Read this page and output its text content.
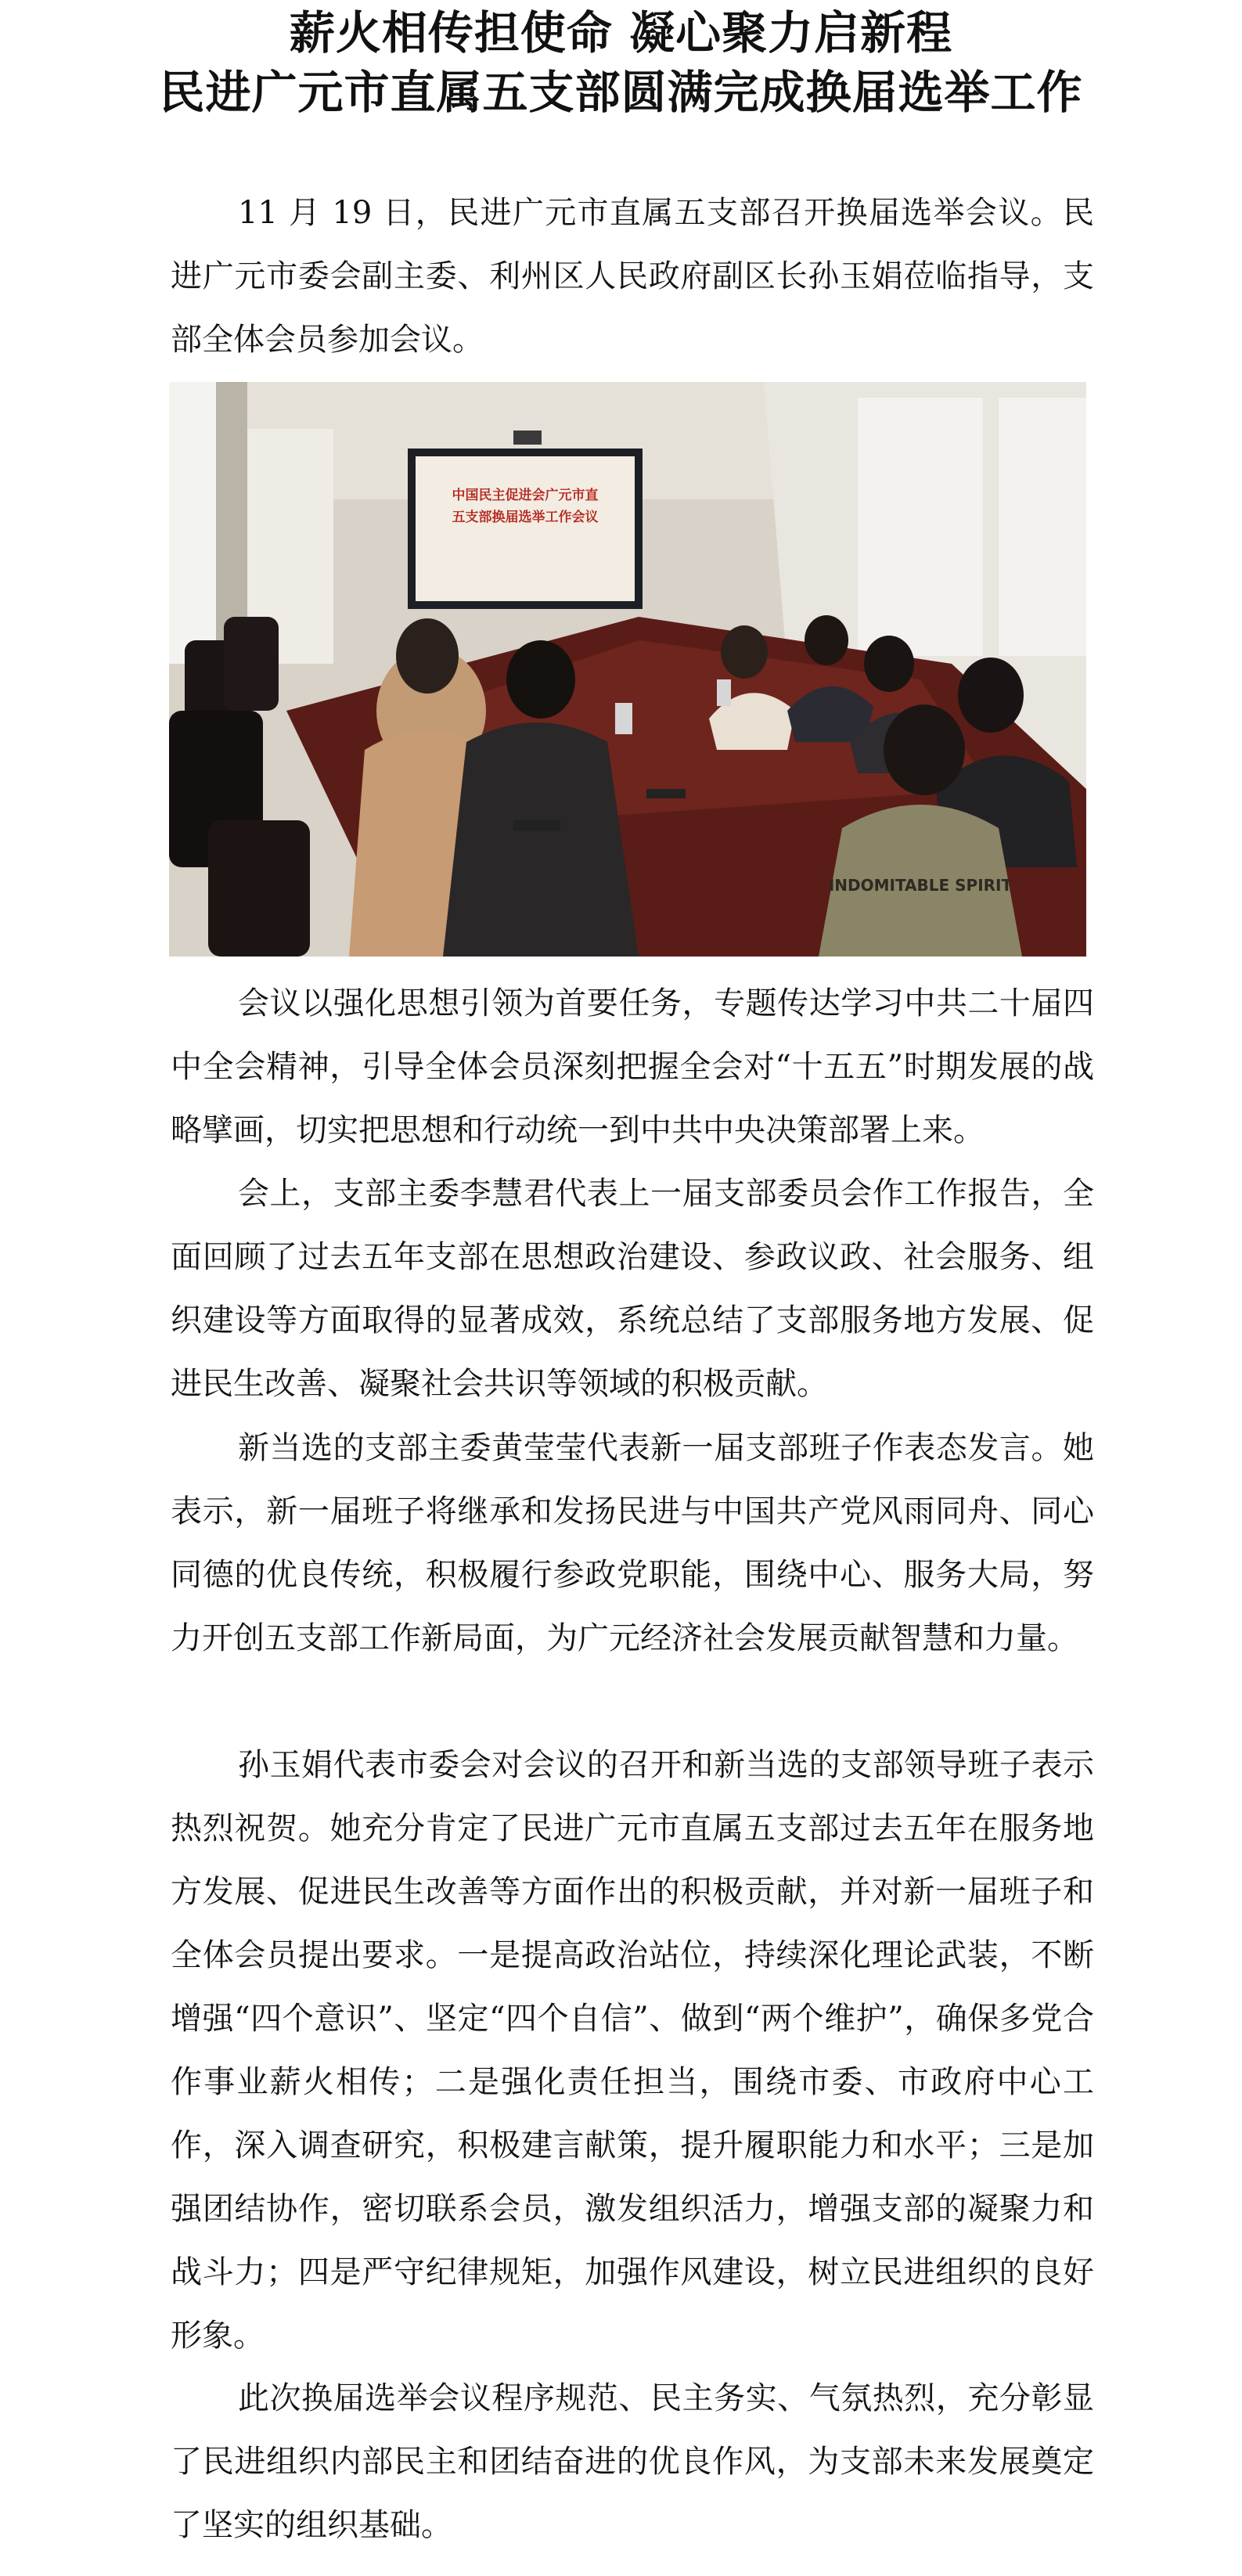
薪火相传担使命 凝心聚力启新程
民进广元市直属五支部圆满完成换届选举工作

11 月 19 日，民进广元市直属五支部召开换届选举会议。民进广元市委会副主委、利州区人民政府副区长孙玉娟莅临指导，支部全体会员参加会议。

中国民主促进会广元市直
五支部换届选举工作会议
INDOMITABLE SPIRIT

会议以强化思想引领为首要任务，专题传达学习中共二十届四中全会精神，引导全体会员深刻把握全会对“十五五”时期发展的战略擘画，切实把思想和行动统一到中共中央决策部署上来。

会上，支部主委李慧君代表上一届支部委员会作工作报告，全面回顾了过去五年支部在思想政治建设、参政议政、社会服务、组织建设等方面取得的显著成效，系统总结了支部服务地方发展、促进民生改善、凝聚社会共识等领域的积极贡献。

新当选的支部主委黄莹莹代表新一届支部班子作表态发言。她表示，新一届班子将继承和发扬民进与中国共产党风雨同舟、同心同德的优良传统，积极履行参政党职能，围绕中心、服务大局，努力开创五支部工作新局面，为广元经济社会发展贡献智慧和力量。

孙玉娟代表市委会对会议的召开和新当选的支部领导班子表示热烈祝贺。她充分肯定了民进广元市直属五支部过去五年在服务地方发展、促进民生改善等方面作出的积极贡献，并对新一届班子和全体会员提出要求。一是提高政治站位，持续深化理论武装，不断增强“四个意识”、坚定“四个自信”、做到“两个维护”，确保多党合作事业薪火相传；二是强化责任担当，围绕市委、市政府中心工作，深入调查研究，积极建言献策，提升履职能力和水平；三是加强团结协作，密切联系会员，激发组织活力，增强支部的凝聚力和战斗力；四是严守纪律规矩，加强作风建设，树立民进组织的良好形象。

此次换届选举会议程序规范、民主务实、气氛热烈，充分彰显了民进组织内部民主和团结奋进的优良作风，为支部未来发展奠定了坚实的组织基础。
